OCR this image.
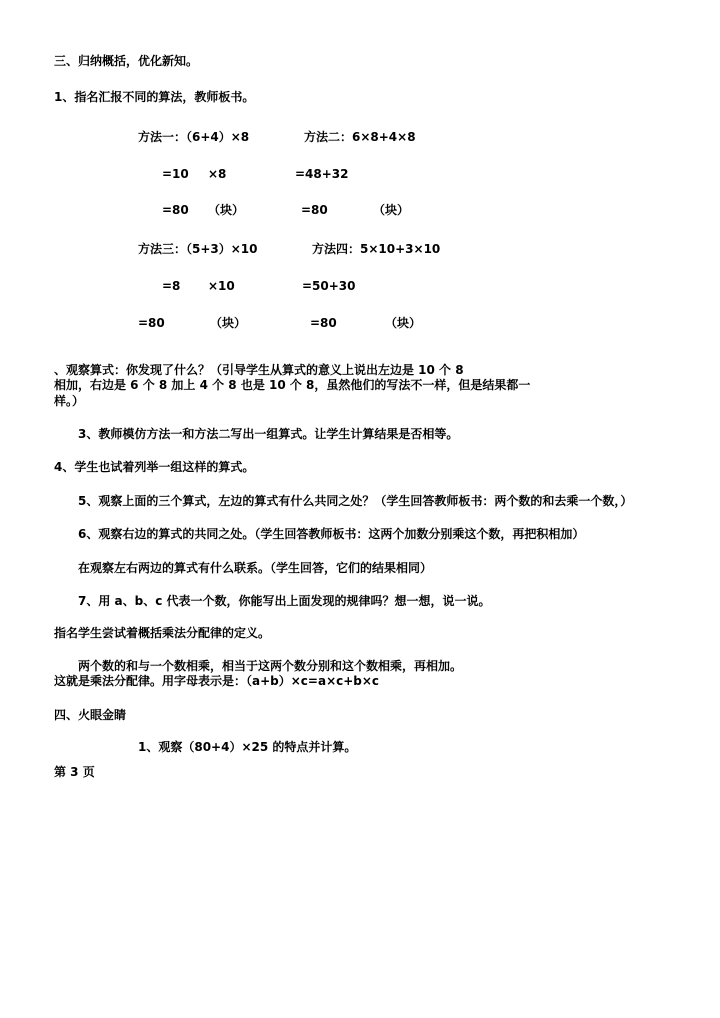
三、归纳概括，优化新知。
1、指名汇报不同的算法，教师板书。
方法一：（6+4）×8	方法二：6×8+4×8
=10 ×8	=48+32
=80 （块）	=80	（块）
方法三：（5+3）×10	方法四：5×10+3×10
=8 ×10	=50+30
=80	（块）	=80	（块）
、观察算式：你发现了什么？（引导学生从算式的意义上说出左边是 10 个 8
相加，右边是 6 个 8 加上 4 个 8 也是 10 个 8，虽然他们的写法不一样，但是结果都一
样。）
3、教师模仿方法一和方法二写出一组算式。让学生计算结果是否相等。
4、学生也试着列举一组这样的算式。
5、观察上面的三个算式，左边的算式有什么共同之处？（学生回答教师板书：两个数的和去乘一个数，）
6、观察右边的算式的共同之处。（学生回答教师板书：这两个加数分别乘这个数，再把积相加）
在观察左右两边的算式有什么联系。（学生回答，它们的结果相同）
7、用 a、b、c 代表一个数，你能写出上面发现的规律吗？想一想，说一说。
指名学生尝试着概括乘法分配律的定义。
两个数的和与一个数相乘，相当于这两个数分别和这个数相乘，再相加。
这就是乘法分配律。用字母表示是：（a+b）×c=a×c+b×c
四、火眼金睛
1、观察（80+4）×25 的特点并计算。
第 3 页
